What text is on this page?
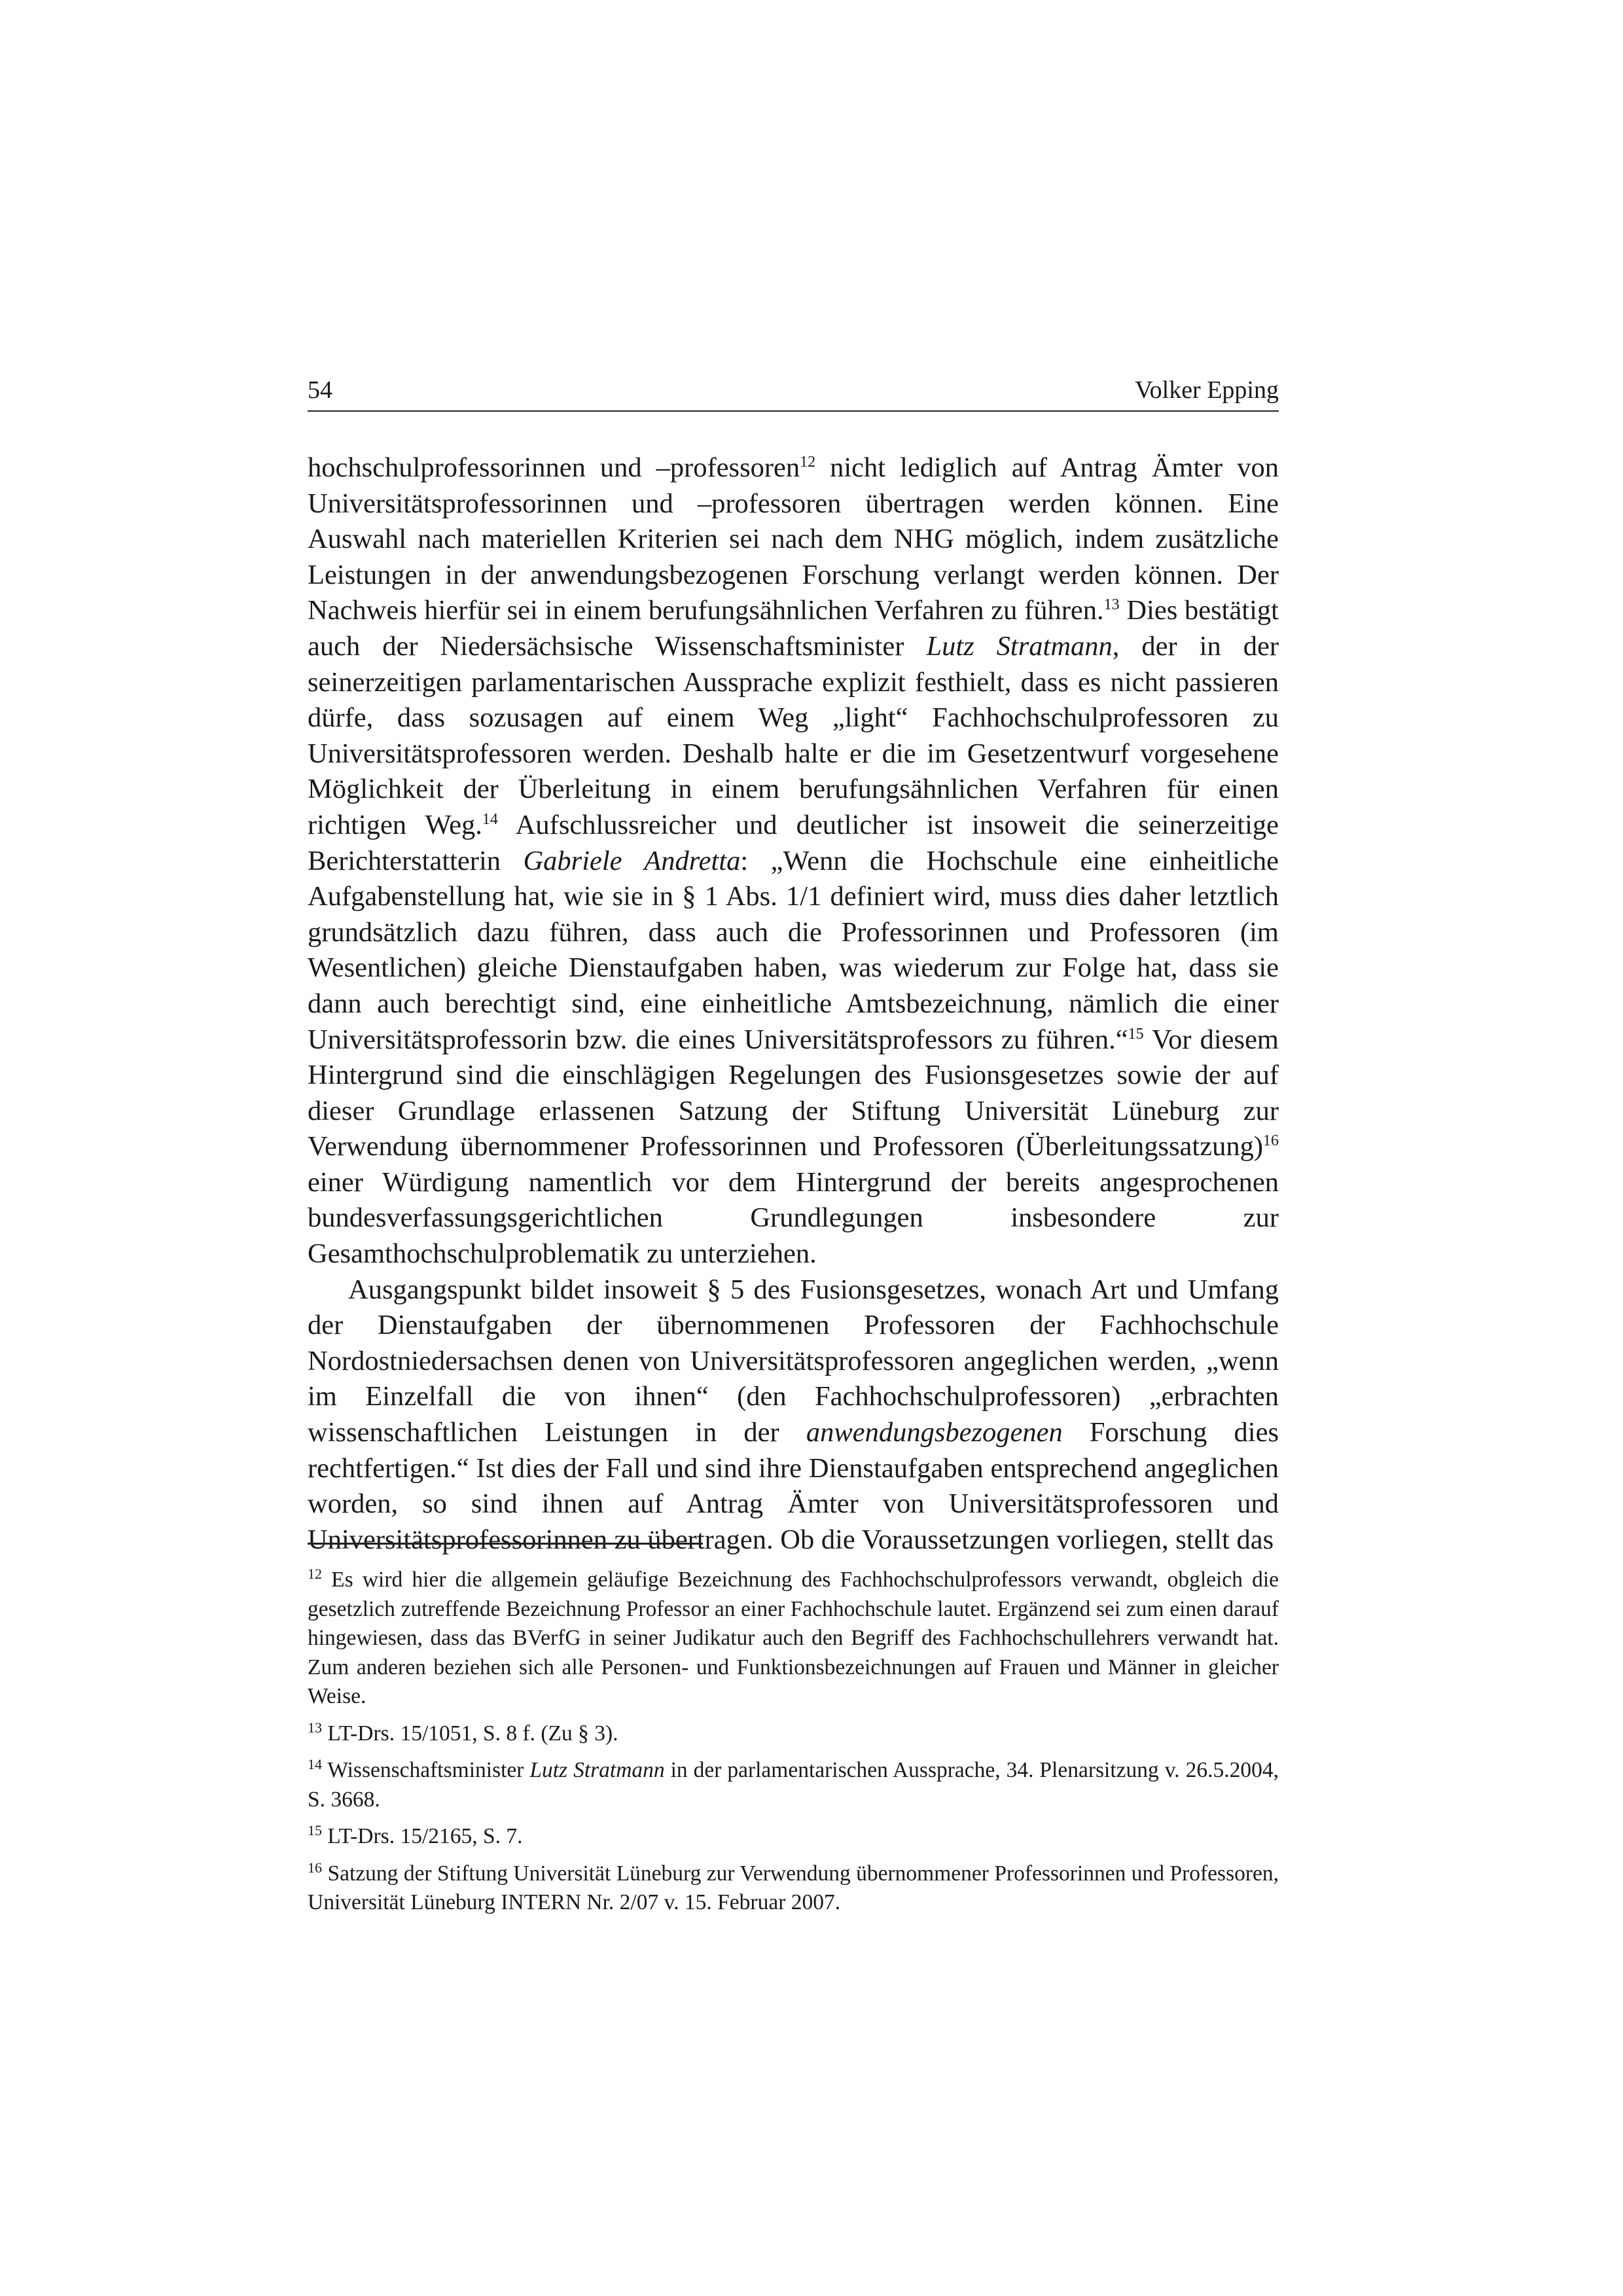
54	Volker Epping

hochschulprofessorinnen und –professoren$^{12}$ nicht lediglich auf Antrag Ämter von Universitätsprofessorinnen und –professoren übertragen werden können. Eine Auswahl nach materiellen Kriterien sei nach dem NHG möglich, indem zusätzliche Leistungen in der anwendungsbezogenen Forschung verlangt werden können. Der Nachweis hierfür sei in einem berufungsähnlichen Verfahren zu führen.$^{13}$ Dies bestätigt auch der Niedersächsische Wissenschaftsminister Lutz Stratmann, der in der seinerzeitigen parlamentarischen Aussprache explizit festhielt, dass es nicht passieren dürfe, dass sozusagen auf einem Weg „light“ Fachhochschulprofessoren zu Universitätsprofessoren werden. Deshalb halte er die im Gesetzentwurf vorgesehene Möglichkeit der Überleitung in einem berufungsähnlichen Verfahren für einen richtigen Weg.$^{14}$ Aufschlussreicher und deutlicher ist insoweit die seinerzeitige Berichterstatterin Gabriele Andretta: „Wenn die Hochschule eine einheitliche Aufgabenstellung hat, wie sie in § 1 Abs. 1/1 definiert wird, muss dies daher letztlich grundsätzlich dazu führen, dass auch die Professorinnen und Professoren (im Wesentlichen) gleiche Dienstaufgaben haben, was wiederum zur Folge hat, dass sie dann auch berechtigt sind, eine einheitliche Amtsbezeichnung, nämlich die einer Universitätsprofessorin bzw. die eines Universitätsprofessors zu führen.“$^{15}$ Vor diesem Hintergrund sind die einschlägigen Regelungen des Fusionsgesetzes sowie der auf dieser Grundlage erlassenen Satzung der Stiftung Universität Lüneburg zur Verwendung übernommener Professorinnen und Professoren (Überleitungssatzung)$^{16}$ einer Würdigung namentlich vor dem Hintergrund der bereits angesprochenen bundesverfassungsgerichtlichen Grundlegungen insbesondere zur Gesamthochschulproblematik zu unterziehen.

Ausgangspunkt bildet insoweit § 5 des Fusionsgesetzes, wonach Art und Umfang der Dienstaufgaben der übernommenen Professoren der Fachhochschule Nordostniedersachsen denen von Universitätsprofessoren angeglichen werden, „wenn im Einzelfall die von ihnen“ (den Fachhochschulprofessoren) „erbrachten wissenschaftlichen Leistungen in der anwendungsbezogenen Forschung dies rechtfertigen.“ Ist dies der Fall und sind ihre Dienstaufgaben entsprechend angeglichen worden, so sind ihnen auf Antrag Ämter von Universitätsprofessoren und Universitätsprofessorinnen zu übertragen. Ob die Voraussetzungen vorliegen, stellt das

$^{12}$ Es wird hier die allgemein geläufige Bezeichnung des Fachhochschulprofessors verwandt, obgleich die gesetzlich zutreffende Bezeichnung Professor an einer Fachhochschule lautet. Ergänzend sei zum einen darauf hingewiesen, dass das BVerfG in seiner Judikatur auch den Begriff des Fachhochschullehrers verwandt hat. Zum anderen beziehen sich alle Personen- und Funktionsbezeichnungen auf Frauen und Männer in gleicher Weise.

$^{13}$ LT-Drs. 15/1051, S. 8 f. (Zu § 3).

$^{14}$ Wissenschaftsminister Lutz Stratmann in der parlamentarischen Aussprache, 34. Plenarsitzung v. 26.5.2004, S. 3668.

$^{15}$ LT-Drs. 15/2165, S. 7.

$^{16}$ Satzung der Stiftung Universität Lüneburg zur Verwendung übernommener Professorinnen und Professoren, Universität Lüneburg INTERN Nr. 2/07 v. 15. Februar 2007.
